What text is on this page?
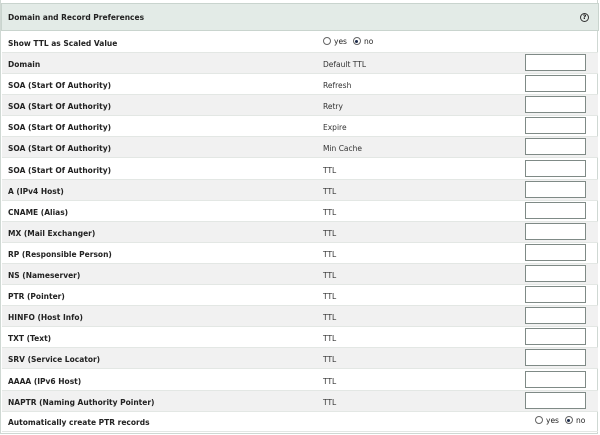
Domain and Record Preferences	?
Show TTL as Scaled Value	yes no
Domain	Default TTL
SOA (Start Of Authority)	Refresh
SOA (Start Of Authority)	Retry
SOA (Start Of Authority)	Expire
SOA (Start Of Authority)	Min Cache
SOA (Start Of Authority)	TTL
A (IPv4 Host)	TTL
CNAME (Alias)	TTL
MX (Mail Exchanger)	TTL
RP (Responsible Person)	TTL
NS (Nameserver)	TTL
PTR (Pointer)	TTL
HINFO (Host Info)	TTL
TXT (Text)	TTL
SRV (Service Locator)	TTL
AAAA (IPv6 Host)	TTL
NAPTR (Naming Authority Pointer)	TTL
Automatically create PTR records	yes no
